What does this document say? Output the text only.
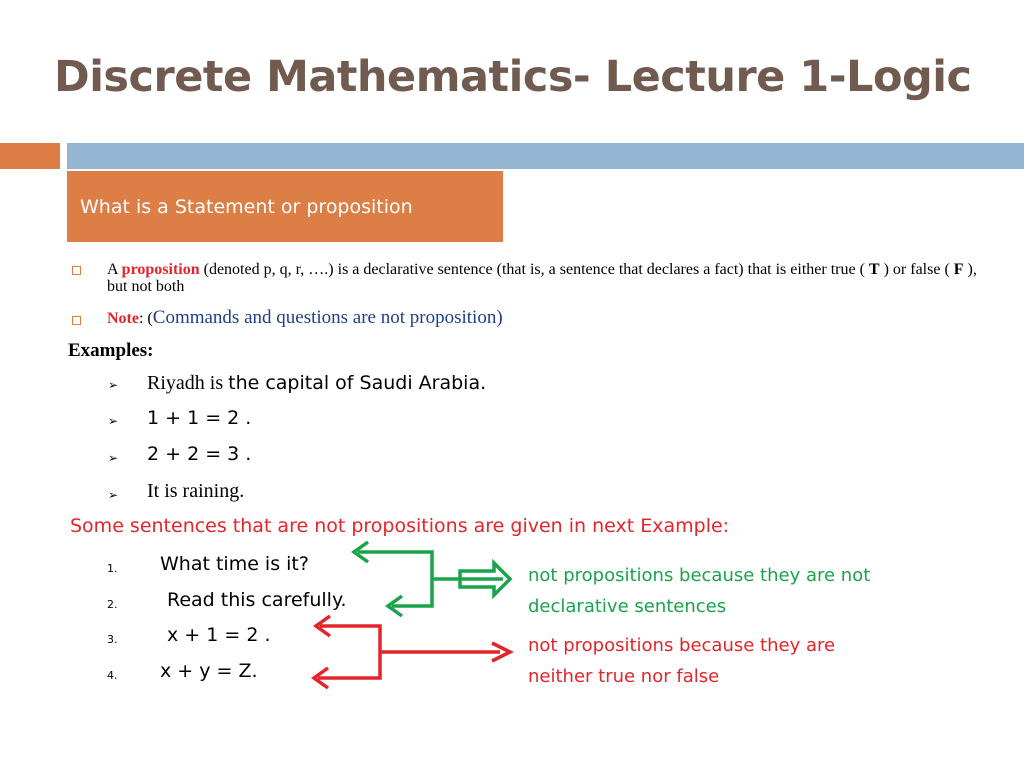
Discrete Mathematics- Lecture 1-Logic
What is a Statement or proposition
A proposition (denoted p, q, r, ….) is a declarative sentence (that is, a sentence that declares a fact) that is either true ( T ) or false ( F ), but not both
Note: (Commands and questions are not proposition)
Examples:
➢ Riyadh is the capital of Saudi Arabia.
➢ 1 + 1 = 2 .
➢ 2 + 2 = 3 .
➢ It is raining.
Some sentences that are not propositions are given in next Example:
1. What time is it?
2.	Read this carefully.
3.	x + 1 = 2 .
4. x + y = Z.
not propositions because they are not
declarative sentences
not propositions because they are
neither true nor false
